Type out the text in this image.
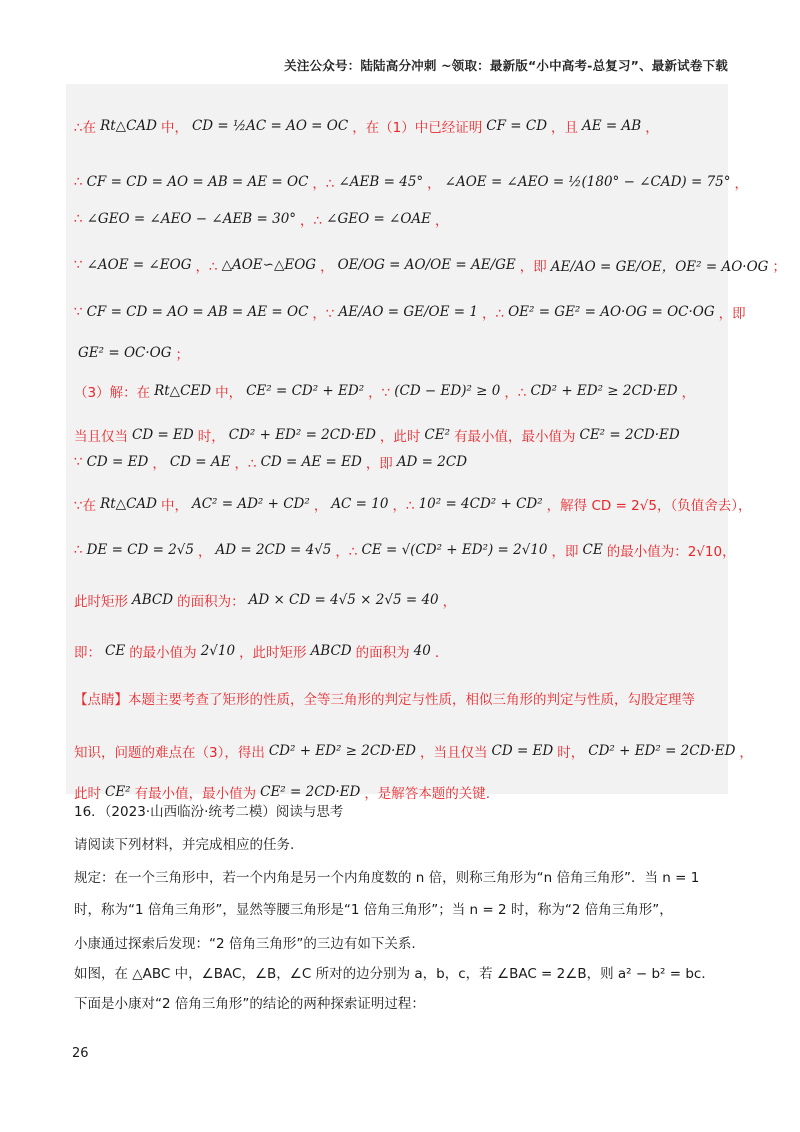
关注公众号：陆陆高分冲刺 ~领取：最新版“小中高考-总复习”、最新试卷下载
∴在 Rt△CAD 中， CD = ½AC = AO = OC ，在（1）中已经证明 CF = CD ，且 AE = AB ，
∴ CF = CD = AO = AB = AE = OC ，∴ ∠AEB = 45° ， ∠AOE = ∠AEO = ½(180° − ∠CAD) = 75° ，
∴ ∠GEO = ∠AEO − ∠AEB = 30° ，∴ ∠GEO = ∠OAE ，
∵ ∠AOE = ∠EOG ，∴ △AOE∽△EOG ， OE/OG = AO/OE = AE/GE ，即 AE/AO = GE/OE，OE² = AO·OG ；
∵ CF = CD = AO = AB = AE = OC ，∵ AE/AO = GE/OE = 1 ，∴ OE² = GE² = AO·OG = OC·OG ，即
GE² = OC·OG ；
（3）解：在 Rt△CED 中， CE² = CD² + ED² ，∵ (CD − ED)² ≥ 0 ，∴ CD² + ED² ≥ 2CD·ED ，
当且仅当 CD = ED 时， CD² + ED² = 2CD·ED ，此时 CE² 有最小值，最小值为 CE² = 2CD·ED
∵ CD = ED ， CD = AE ，∴ CD = AE = ED ，即 AD = 2CD
∵在 Rt△CAD 中， AC² = AD² + CD² ， AC = 10 ，∴ 10² = 4CD² + CD² ，解得 CD = 2√5，（负值舍去），
∴ DE = CD = 2√5 ， AD = 2CD = 4√5 ，∴ CE = √(CD² + ED²) = 2√10 ，即 CE 的最小值为：2√10，
此时矩形 ABCD 的面积为： AD × CD = 4√5 × 2√5 = 40 ，
即： CE 的最小值为 2√10 ，此时矩形 ABCD 的面积为 40 ．
【点睛】本题主要考查了矩形的性质，全等三角形的判定与性质，相似三角形的判定与性质，勾股定理等
知识，问题的难点在（3），得出 CD² + ED² ≥ 2CD·ED ，当且仅当 CD = ED 时， CD² + ED² = 2CD·ED ，
此时 CE² 有最小值，最小值为 CE² = 2CD·ED ，是解答本题的关键.
16．（2023·山西临汾·统考二模）阅读与思考
请阅读下列材料，并完成相应的任务.
规定：在一个三角形中，若一个内角是另一个内角度数的 n 倍，则称三角形为“n 倍角三角形”．当 n = 1
时，称为“1 倍角三角形”，显然等腰三角形是“1 倍角三角形”；当 n = 2 时，称为“2 倍角三角形”，
小康通过探索后发现：“2 倍角三角形”的三边有如下关系.
如图，在 △ABC 中，∠BAC，∠B，∠C 所对的边分别为 a，b，c，若 ∠BAC = 2∠B，则 a² − b² = bc．
下面是小康对“2 倍角三角形”的结论的两种探索证明过程：
26
